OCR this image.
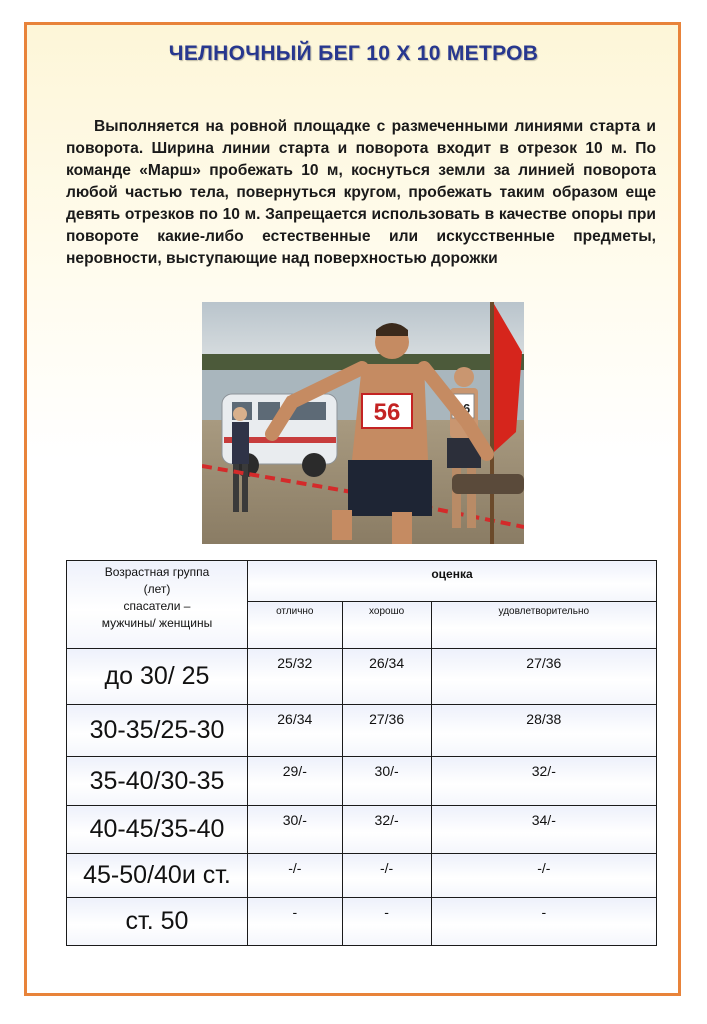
ЧЕЛНОЧНЫЙ БЕГ 10 Х 10 МЕТРОВ
Выполняется на ровной площадке с размеченными линиями старта и поворота. Ширина линии старта и поворота входит в отрезок 10 м. По команде «Марш» пробежать 10 м, коснуться земли за линией поворота любой частью тела, повернуться кругом, пробежать таким образом еще девять отрезков по 10 м. Запрещается использовать в качестве опоры при повороте какие-либо естественные или искусственные предметы, неровности, выступающие над поверхностью дорожки
16
56
Возрастная группа
(лет)
спасатели –
мужчины/ женщины	оценка		
	отлично	хорошо	удовлетворительно
до 30/ 25	25/32	26/34	27/36
30-35/25-30	26/34	27/36	28/38
35-40/30-35	29/-	30/-	32/-
40-45/35-40	30/-	32/-	34/-
45-50/40и ст.	-/-	-/-	-/-
ст. 50	-	-	-
